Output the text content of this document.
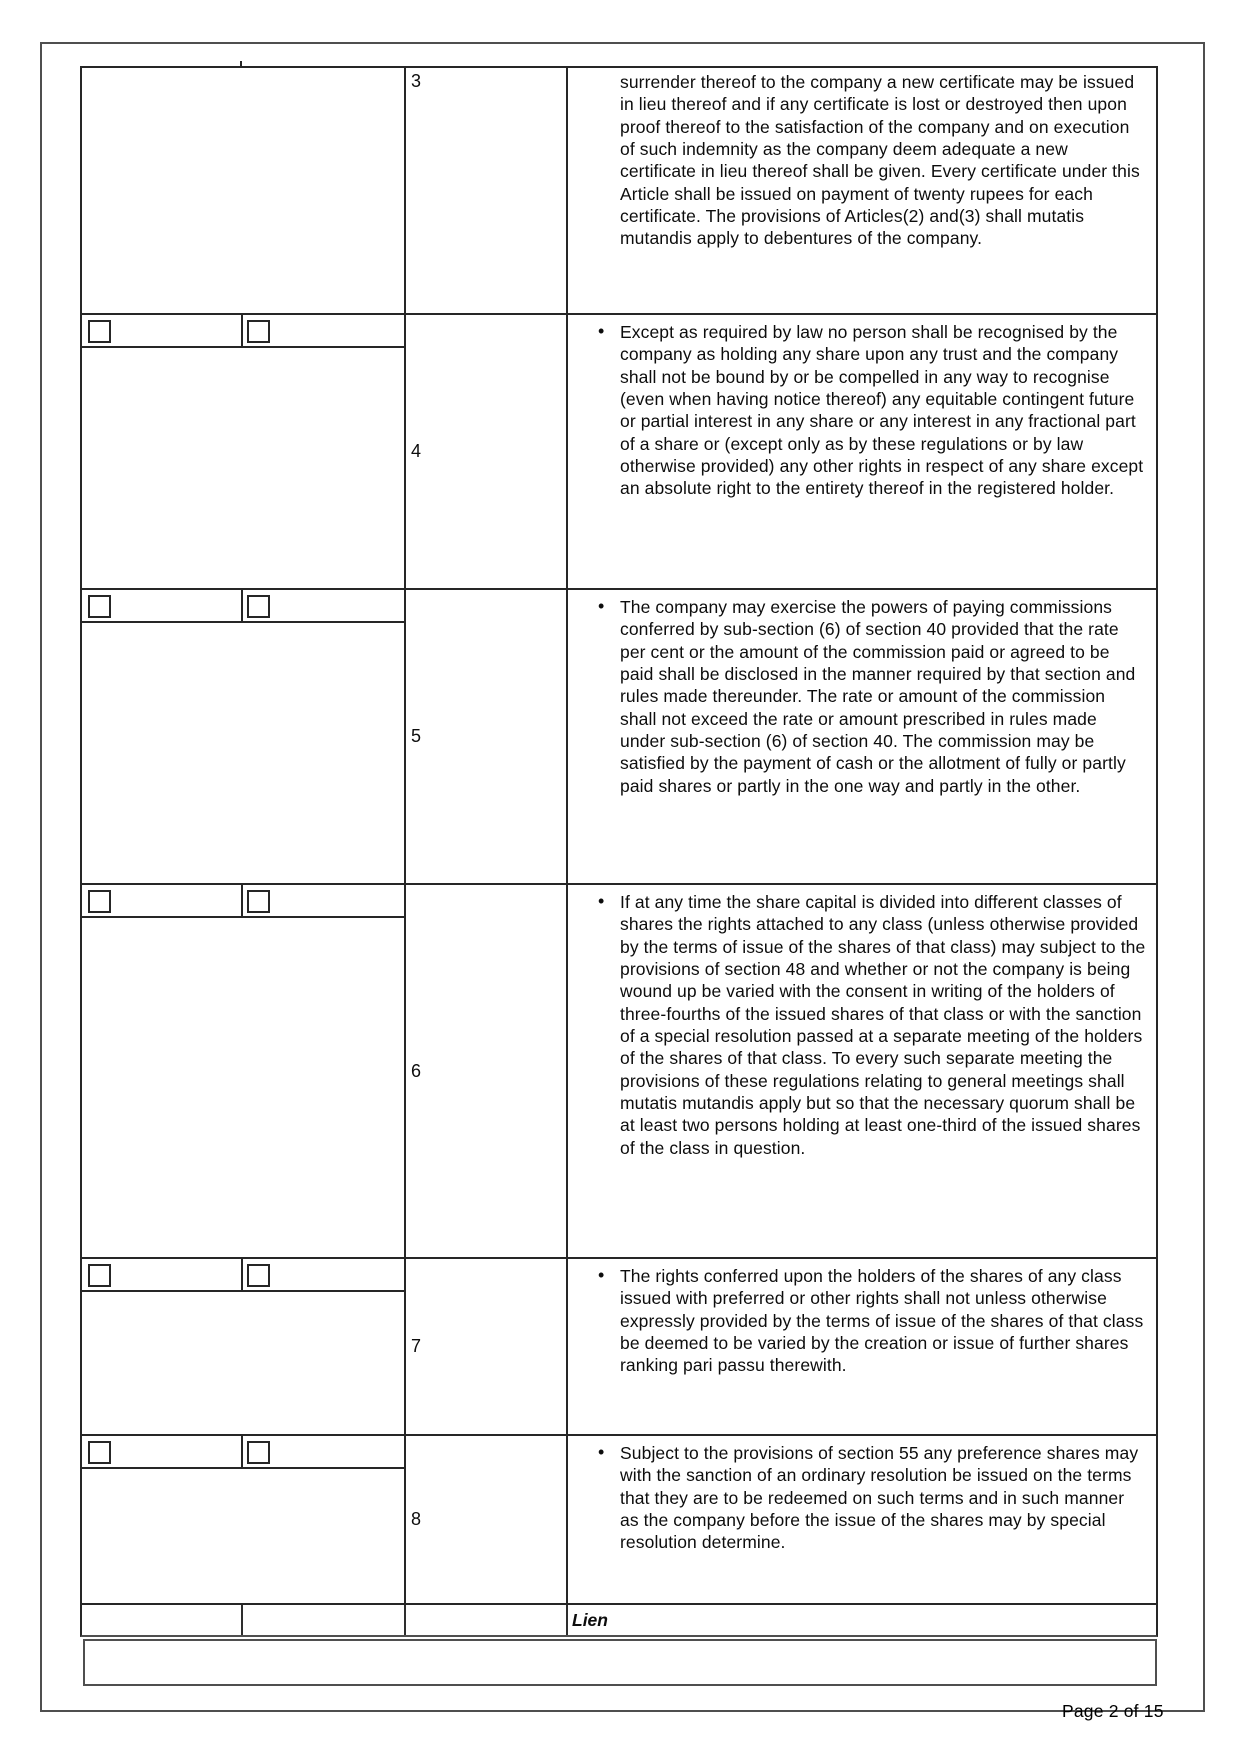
3	surrender thereof to the company a new certificate may be issued in lieu thereof and if any certificate is lost or destroyed then upon proof thereof to the satisfaction of the company and on execution of such indemnity as the company deem adequate a new certificate in lieu thereof shall be given. Every certificate under this Article shall be issued on payment of twenty rupees for each certificate. The provisions of Articles(2) and(3) shall mutatis mutandis apply to debentures of the company.

4

• Except as required by law no person shall be recognised by the company as holding any share upon any trust and the company shall not be bound by or be compelled in any way to recognise (even when having notice thereof) any equitable contingent future or partial interest in any share or any interest in any fractional part of a share or (except only as by these regulations or by law otherwise provided) any other rights in respect of any share except an absolute right to the entirety thereof in the registered holder.

5

• The company may exercise the powers of paying commissions conferred by sub-section (6) of section 40 provided that the rate per cent or the amount of the commission paid or agreed to be paid shall be disclosed in the manner required by that section and rules made thereunder. The rate or amount of the commission shall not exceed the rate or amount prescribed in rules made under sub-section (6) of section 40. The commission may be satisfied by the payment of cash or the allotment of fully or partly paid shares or partly in the one way and partly in the other.

6

• If at any time the share capital is divided into different classes of shares the rights attached to any class (unless otherwise provided by the terms of issue of the shares of that class) may subject to the provisions of section 48 and whether or not the company is being wound up be varied with the consent in writing of the holders of three-fourths of the issued shares of that class or with the sanction of a special resolution passed at a separate meeting of the holders of the shares of that class. To every such separate meeting the provisions of these regulations relating to general meetings shall mutatis mutandis apply but so that the necessary quorum shall be at least two persons holding at least one-third of the issued shares of the class in question.

7

• The rights conferred upon the holders of the shares of any class issued with preferred or other rights shall not unless otherwise expressly provided by the terms of issue of the shares of that class be deemed to be varied by the creation or issue of further shares ranking pari passu therewith.

8

• Subject to the provisions of section 55 any preference shares may with the sanction of an ordinary resolution be issued on the terms that they are to be redeemed on such terms and in such manner as the company before the issue of the shares may by special resolution determine.

Lien
Page 2 of 15
